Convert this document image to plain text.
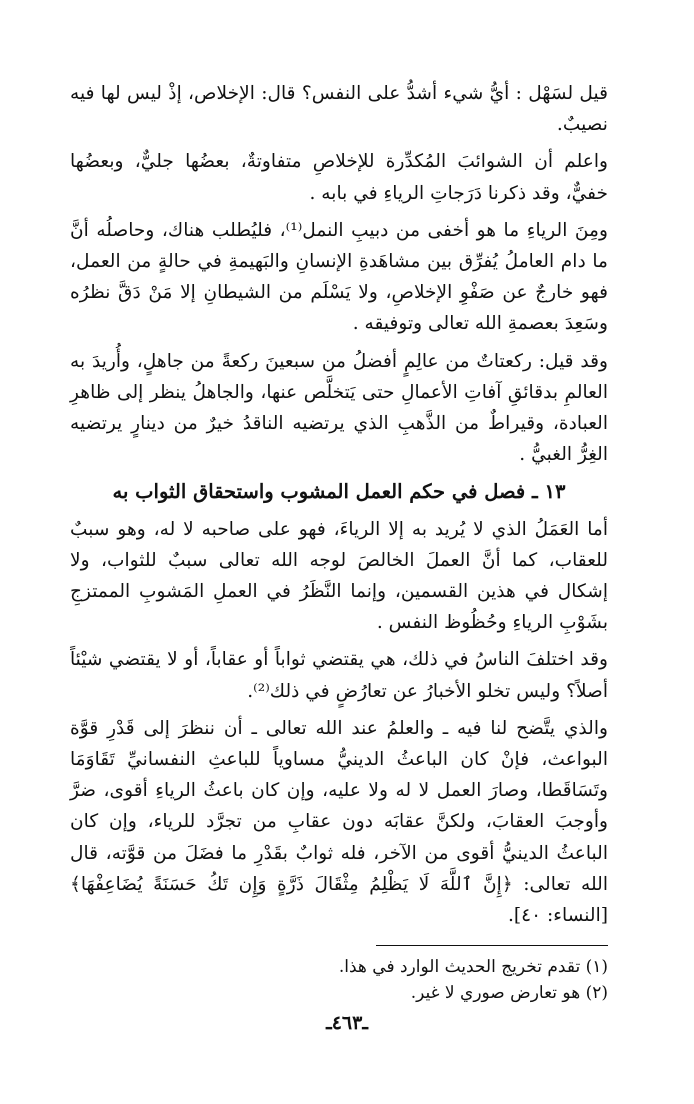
قيل لسَهْل : أيُّ شيء أشدُّ على النفس؟ قال: الإخلاص، إذْ ليس لها فيه نصيبٌ.

واعلم أن الشوائبَ المُكدِّرة للإخلاصِ متفاوتةٌ، بعضُها جليٌّ، وبعضُها خفيٌّ، وقد ذكرنا دَرَجاتِ الرياءِ في بابه .

ومِنَ الرياءِ ما هو أخفى من دبيبِ النمل⁽¹⁾، فليُطلب هناك، وحاصلُه أنَّ ما دام العاملُ يُفرِّق بين مشاهَدةِ الإنسانِ والبَهيمةِ في حالةٍ من العمل، فهو خارجٌ عن صَفْوِ الإخلاصِ، ولا يَسْلَم من الشيطانِ إلا مَنْ دَقَّ نظرُه وسَعِدَ بعصمةِ الله تعالى وتوفيقه .

وقد قيل: ركعتاتٌ من عالِمٍ أفضلُ من سبعينَ ركعةً من جاهلٍ، وأُريدَ به العالمِ بدقائقِ آفاتِ الأعمالِ حتى يَتخلَّص عنها، والجاهلُ ينظر إلى ظاهرِ العبادة، وقيراطٌ من الذَّهبِ الذي يرتضيه الناقدُ خيرٌ من دينارٍ يرتضيه الغِرُّ الغبيُّ .

١٣ ـ فصل في حكم العمل المشوب واستحقاق الثواب به

أما العَمَلُ الذي لا يُريد به إلا الرياءَ، فهو على صاحبه لا له، وهو سببٌ للعقاب، كما أنَّ العملَ الخالصَ لوجه الله تعالى سببٌ للثواب، ولا إشكال في هذين القسمين، وإنما النَّظَرُ في العملِ المَشوبِ الممتزجِ بشَوْبِ الرياءِ وحُظُوظ النفس .

وقد اختلفَ الناسُ في ذلك، هي يقتضي ثواباً أو عقاباً، أو لا يقتضي شيْئاً أصلاً؟ وليس تخلو الأخبارُ عن تعارُضٍ في ذلك⁽²⁾.

والذي يتَّضح لنا فيه ـ والعلمُ عند الله تعالى ـ أن ننظرَ إلى قَدْرِ قوَّة البواعث، فإنْ كان الباعثُ الدينيُّ مساوياً للباعثِ النفسانيِّ تَقَاوَمَا وتَسَاقَطا، وصارَ العمل لا له ولا عليه، وإن كان باعثُ الرياءِ أقوى، ضرَّ وأوجبَ العقابَ، ولكنَّ عقابَه دون عقابِ من تجرَّد للرياء، وإن كان الباعثُ الدينيُّ أقوى من الآخر، فله ثوابٌ بقَدْرِ ما فضَلَ من قوَّته، قال الله تعالى: ﴿إِنَّ ٱللَّهَ لَا يَظْلِمُ مِثْقَالَ ذَرَّةٍ وَإِن تَكُ حَسَنَةً يُضَاعِفْهَا﴾ [النساء: ٤٠].

(١) تقدم تخريج الحديث الوارد في هذا.

(٢) هو تعارض صوري لا غير.

ـ٤٦٣ـ
